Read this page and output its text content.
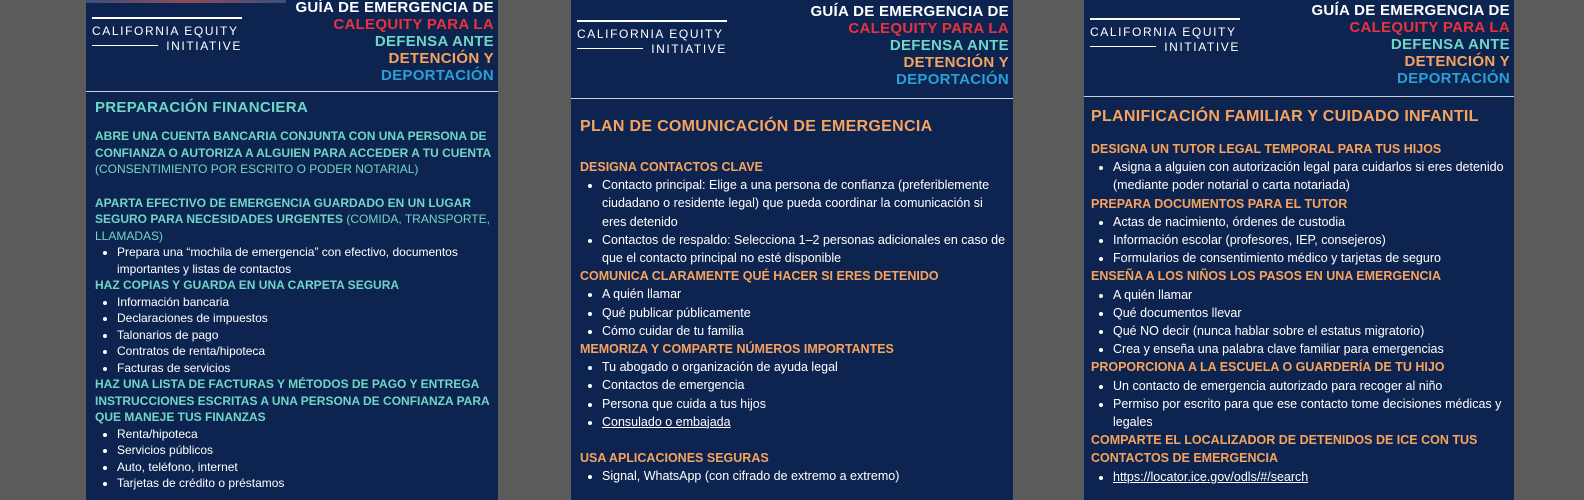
CALIFORNIA EQUITY
INITIATIVE
GUÍA DE EMERGENCIA DE
CALEQUITY PARA LA
DEFENSA ANTE
DETENCIÓN Y
DEPORTACIÓN
PREPARACIÓN FINANCIERA

ABRE UNA CUENTA BANCARIA CONJUNTA CON UNA PERSONA DE CONFIANZA O AUTORIZA A ALGUIEN PARA ACCEDER A TU CUENTA (CONSENTIMIENTO POR ESCRITO O PODER NOTARIAL)

APARTA EFECTIVO DE EMERGENCIA GUARDADO EN UN LUGAR SEGURO PARA NECESIDADES URGENTES (COMIDA, TRANSPORTE, LLAMADAS)

• Prepara una “mochila de emergencia” con efectivo, documentos importantes y listas de contactos

HAZ COPIAS Y GUARDA EN UNA CARPETA SEGURA

• Información bancaria
• Declaraciones de impuestos
• Talonarios de pago
• Contratos de renta/hipoteca
• Facturas de servicios

HAZ UNA LISTA DE FACTURAS Y MÉTODOS DE PAGO Y ENTREGA INSTRUCCIONES ESCRITAS A UNA PERSONA DE CONFIANZA PARA QUE MANEJE TUS FINANZAS

• Renta/hipoteca
• Servicios públicos
• Auto, teléfono, internet
• Tarjetas de crédito o préstamos
CALIFORNIA EQUITY
INITIATIVE
GUÍA DE EMERGENCIA DE
CALEQUITY PARA LA
DEFENSA ANTE
DETENCIÓN Y
DEPORTACIÓN
PLAN DE COMUNICACIÓN DE EMERGENCIA

DESIGNA CONTACTOS CLAVE

• Contacto principal: Elige a una persona de confianza (preferiblemente ciudadano o residente legal) que pueda coordinar la comunicación si eres detenido
• Contactos de respaldo: Selecciona 1–2 personas adicionales en caso de que el contacto principal no esté disponible

COMUNICA CLARAMENTE QUÉ HACER SI ERES DETENIDO

• A quién llamar
• Qué publicar públicamente
• Cómo cuidar de tu familia

MEMORIZA Y COMPARTE NÚMEROS IMPORTANTES

• Tu abogado o organización de ayuda legal
• Contactos de emergencia
• Persona que cuida a tus hijos
• Consulado o embajada

USA APLICACIONES SEGURAS

• Signal, WhatsApp (con cifrado de extremo a extremo)
CALIFORNIA EQUITY
INITIATIVE
GUÍA DE EMERGENCIA DE
CALEQUITY PARA LA
DEFENSA ANTE
DETENCIÓN Y
DEPORTACIÓN
PLANIFICACIÓN FAMILIAR Y CUIDADO INFANTIL

DESIGNA UN TUTOR LEGAL TEMPORAL PARA TUS HIJOS

• Asigna a alguien con autorización legal para cuidarlos si eres detenido (mediante poder notarial o carta notariada)

PREPARA DOCUMENTOS PARA EL TUTOR

• Actas de nacimiento, órdenes de custodia
• Información escolar (profesores, IEP, consejeros)
• Formularios de consentimiento médico y tarjetas de seguro

ENSEÑA A LOS NIÑOS LOS PASOS EN UNA EMERGENCIA

• A quién llamar
• Qué documentos llevar
• Qué NO decir (nunca hablar sobre el estatus migratorio)
• Crea y enseña una palabra clave familiar para emergencias

PROPORCIONA A LA ESCUELA O GUARDERÍA DE TU HIJO

• Un contacto de emergencia autorizado para recoger al niño
• Permiso por escrito para que ese contacto tome decisiones médicas y legales

COMPARTE EL LOCALIZADOR DE DETENIDOS DE ICE CON TUS CONTACTOS DE EMERGENCIA

• https://locator.ice.gov/odls/#/search
